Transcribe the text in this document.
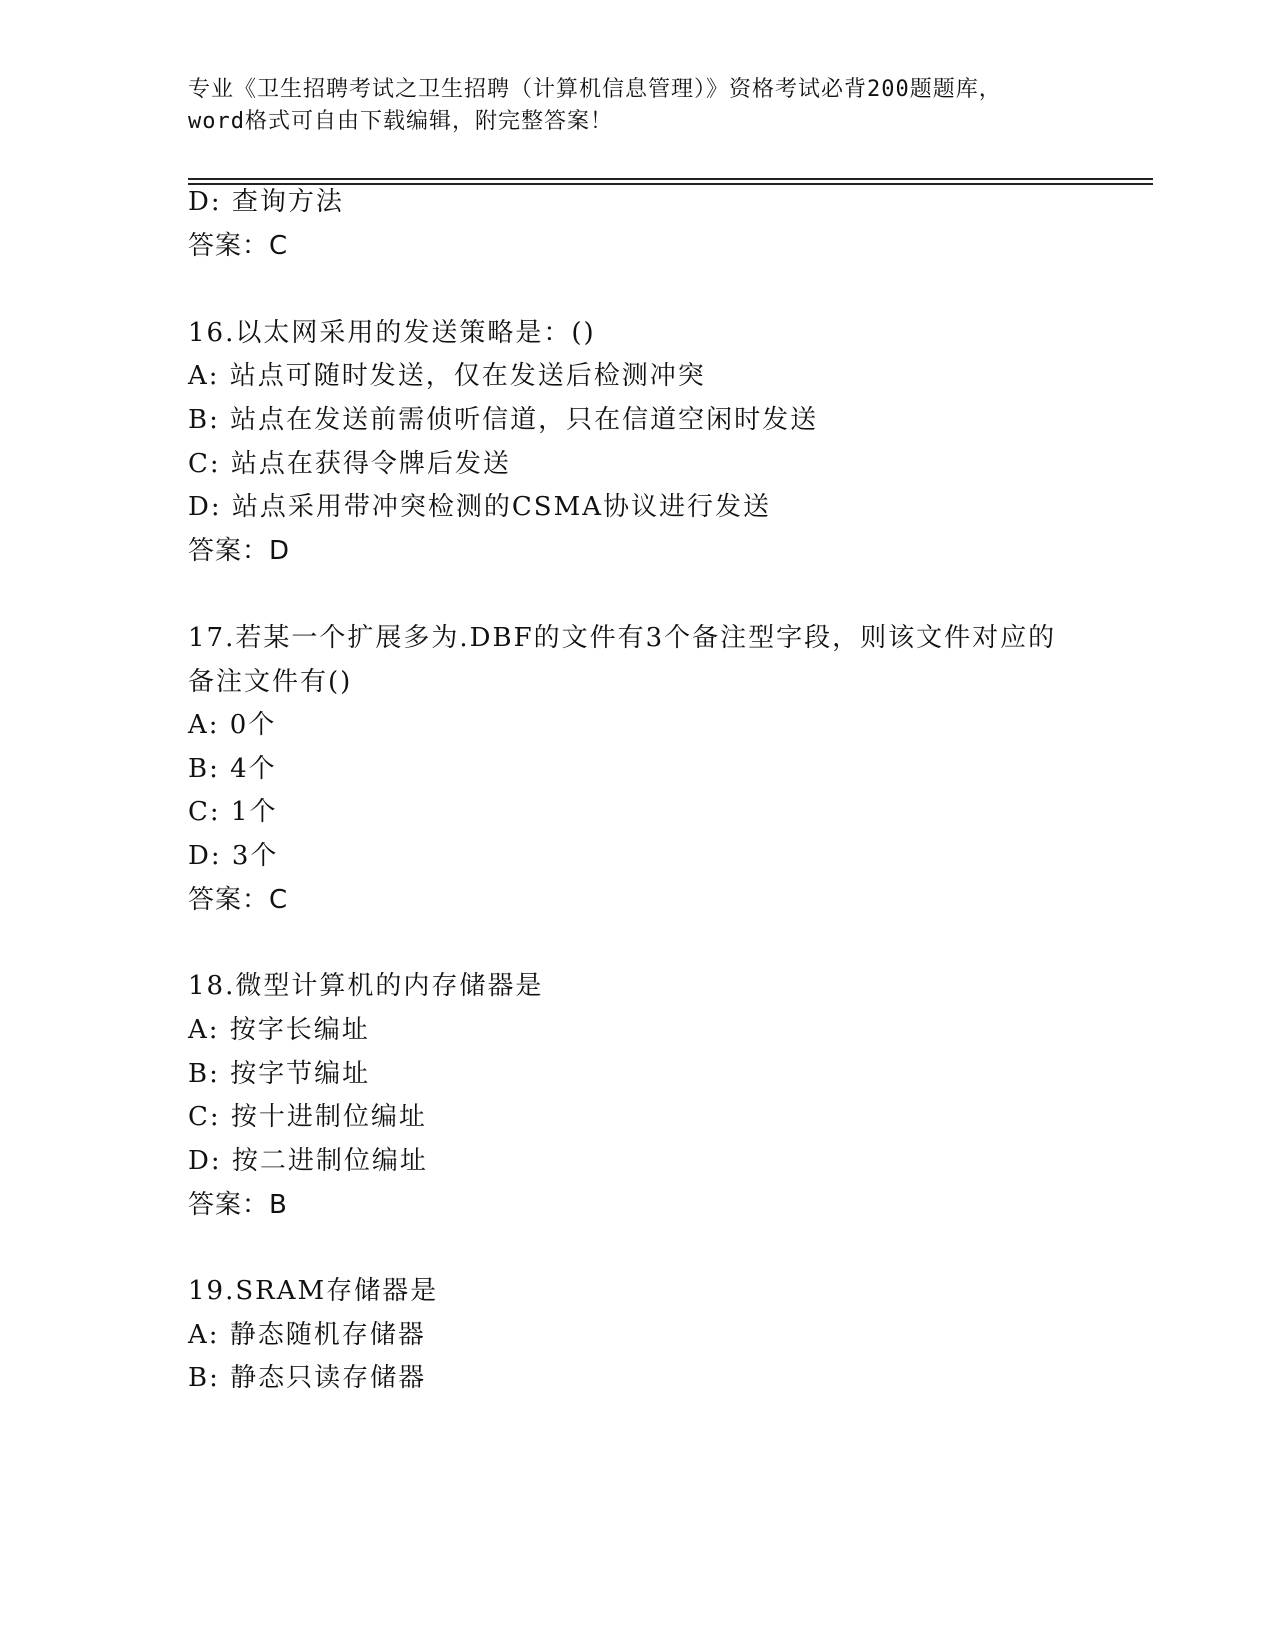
专业《卫生招聘考试之卫生招聘（计算机信息管理）》资格考试必背200题题库，
word格式可自由下载编辑，附完整答案！
D: 查询方法
答案：C
16.以太网采用的发送策略是：()
A: 站点可随时发送，仅在发送后检测冲突
B: 站点在发送前需侦听信道，只在信道空闲时发送
C: 站点在获得令牌后发送
D: 站点采用带冲突检测的CSMA协议进行发送
答案：D
17.若某一个扩展多为.DBF的文件有3个备注型字段，则该文件对应的
备注文件有()
A: 0个
B: 4个
C: 1个
D: 3个
答案：C
18.微型计算机的内存储器是
A: 按字长编址
B: 按字节编址
C: 按十进制位编址
D: 按二进制位编址
答案：B
19.SRAM存储器是
A: 静态随机存储器
B: 静态只读存储器
